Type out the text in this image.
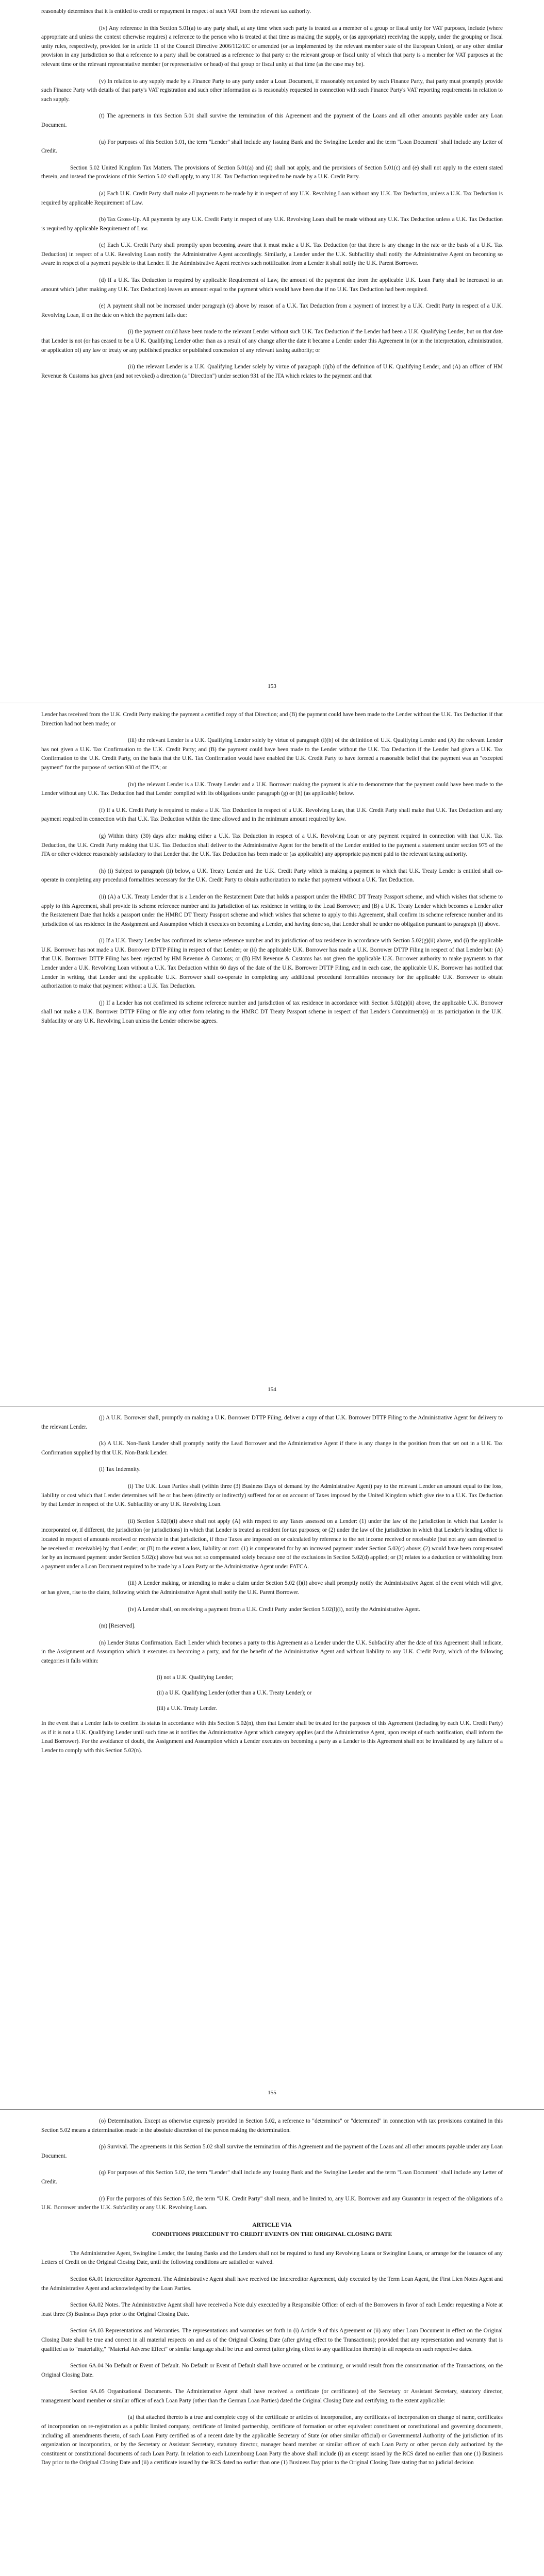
reasonably determines that it is entitled to credit or repayment in respect of such VAT from the relevant tax authority.
(iv) Any reference in this Section 5.01(a) to any party shall, at any time when such party is treated as a member of a group or fiscal unity for VAT purposes, include (where appropriate and unless the context otherwise requires) a reference to the person who is treated at that time as making the supply, or (as appropriate) receiving the supply, under the grouping or fiscal unity rules, respectively, provided for in article 11 of the Council Directive 2006/112/EC or amended (or as implemented by the relevant member state of the European Union), or any other similar provision in any jurisdiction so that a reference to a party shall be construed as a reference to that party or the relevant group or fiscal unity of which that party is a member for VAT purposes at the relevant time or the relevant representative member (or representative or head) of that group or fiscal unity at that time (as the case may be).
(v) In relation to any supply made by a Finance Party to any party under a Loan Document, if reasonably requested by such Finance Party, that party must promptly provide such Finance Party with details of that party's VAT registration and such other information as is reasonably requested in connection with such Finance Party's VAT reporting requirements in relation to such supply.
(t) The agreements in this Section 5.01 shall survive the termination of this Agreement and the payment of the Loans and all other amounts payable under any Loan Document.
(u) For purposes of this Section 5.01, the term "Lender" shall include any Issuing Bank and the Swingline Lender and the term "Loan Document" shall include any Letter of Credit.
Section 5.02 United Kingdom Tax Matters. The provisions of Section 5.01(a) and (d) shall not apply, and the provisions of Section 5.01(c) and (e) shall not apply to the extent stated therein, and instead the provisions of this Section 5.02 shall apply, to any U.K. Tax Deduction required to be made by a U.K. Credit Party.
(a) Each U.K. Credit Party shall make all payments to be made by it in respect of any U.K. Revolving Loan without any U.K. Tax Deduction, unless a U.K. Tax Deduction is required by applicable Requirement of Law.
(b) Tax Gross-Up. All payments by any U.K. Credit Party in respect of any U.K. Revolving Loan shall be made without any U.K. Tax Deduction unless a U.K. Tax Deduction is required by applicable Requirement of Law.
(c) Each U.K. Credit Party shall promptly upon becoming aware that it must make a U.K. Tax Deduction (or that there is any change in the rate or the basis of a U.K. Tax Deduction) in respect of a U.K. Revolving Loan notify the Administrative Agent accordingly. Similarly, a Lender under the U.K. Subfacility shall notify the Administrative Agent on becoming so aware in respect of a payment payable to that Lender. If the Administrative Agent receives such notification from a Lender it shall notify the U.K. Parent Borrower.
(d) If a U.K. Tax Deduction is required by applicable Requirement of Law, the amount of the payment due from the applicable U.K. Loan Party shall be increased to an amount which (after making any U.K. Tax Deduction) leaves an amount equal to the payment which would have been due if no U.K. Tax Deduction had been required.
(e) A payment shall not be increased under paragraph (c) above by reason of a U.K. Tax Deduction from a payment of interest by a U.K. Credit Party in respect of a U.K. Revolving Loan, if on the date on which the payment falls due:
(i) the payment could have been made to the relevant Lender without such U.K. Tax Deduction if the Lender had been a U.K. Qualifying Lender, but on that date that Lender is not (or has ceased to be a U.K. Qualifying Lender other than as a result of any change after the date it became a Lender under this Agreement in (or in the interpretation, administration, or application of) any law or treaty or any published practice or published concession of any relevant taxing authority; or
(ii) the relevant Lender is a U.K. Qualifying Lender solely by virtue of paragraph (i)(b) of the definition of U.K. Qualifying Lender, and (A) an officer of HM Revenue & Customs has given (and not revoked) a direction (a "Direction") under section 931 of the ITA which relates to the payment and that
153
Lender has received from the U.K. Credit Party making the payment a certified copy of that Direction; and (B) the payment could have been made to the Lender without the U.K. Tax Deduction if that Direction had not been made; or
(iii) the relevant Lender is a U.K. Qualifying Lender solely by virtue of paragraph (i)(b) of the definition of U.K. Qualifying Lender and (A) the relevant Lender has not given a U.K. Tax Confirmation to the U.K. Credit Party; and (B) the payment could have been made to the Lender without the U.K. Tax Deduction if the Lender had given a U.K. Tax Confirmation to the U.K. Credit Party, on the basis that the U.K. Tax Confirmation would have enabled the U.K. Credit Party to have formed a reasonable belief that the payment was an "excepted payment" for the purpose of section 930 of the ITA; or
(iv) the relevant Lender is a U.K. Treaty Lender and a U.K. Borrower making the payment is able to demonstrate that the payment could have been made to the Lender without any U.K. Tax Deduction had that Lender complied with its obligations under paragraph (g) or (h) (as applicable) below.
(f) If a U.K. Credit Party is required to make a U.K. Tax Deduction in respect of a U.K. Revolving Loan, that U.K. Credit Party shall make that U.K. Tax Deduction and any payment required in connection with that U.K. Tax Deduction within the time allowed and in the minimum amount required by law.
(g) Within thirty (30) days after making either a U.K. Tax Deduction in respect of a U.K. Revolving Loan or any payment required in connection with that U.K. Tax Deduction, the U.K. Credit Party making that U.K. Tax Deduction shall deliver to the Administrative Agent for the benefit of the Lender entitled to the payment a statement under section 975 of the ITA or other evidence reasonably satisfactory to that Lender that the U.K. Tax Deduction has been made or (as applicable) any appropriate payment paid to the relevant taxing authority.
(h) (i) Subject to paragraph (ii) below, a U.K. Treaty Lender and the U.K. Credit Party which is making a payment to which that U.K. Treaty Lender is entitled shall co-operate in completing any procedural formalities necessary for the U.K. Credit Party to obtain authorization to make that payment without a U.K. Tax Deduction.
(ii) (A) a U.K. Treaty Lender that is a Lender on the Restatement Date that holds a passport under the HMRC DT Treaty Passport scheme, and which wishes that scheme to apply to this Agreement, shall provide its scheme reference number and its jurisdiction of tax residence in writing to the Lead Borrower; and (B) a U.K. Treaty Lender which becomes a Lender after the Restatement Date that holds a passport under the HMRC DT Treaty Passport scheme and which wishes that scheme to apply to this Agreement, shall confirm its scheme reference number and its jurisdiction of tax residence in the Assignment and Assumption which it executes on becoming a Lender, and having done so, that Lender shall be under no obligation pursuant to paragraph (i) above.
(i) If a U.K. Treaty Lender has confirmed its scheme reference number and its jurisdiction of tax residence in accordance with Section 5.02(g)(ii) above, and (i) the applicable U.K. Borrower has not made a U.K. Borrower DTTP Filing in respect of that Lender; or (ii) the applicable U.K. Borrower has made a U.K. Borrower DTTP Filing in respect of that Lender but: (A) that U.K. Borrower DTTP Filing has been rejected by HM Revenue & Customs; or (B) HM Revenue & Customs has not given the applicable U.K. Borrower authority to make payments to that Lender under a U.K. Revolving Loan without a U.K. Tax Deduction within 60 days of the date of the U.K. Borrower DTTP Filing, and in each case, the applicable U.K. Borrower has notified that Lender in writing, that Lender and the applicable U.K. Borrower shall co-operate in completing any additional procedural formalities necessary for the applicable U.K. Borrower to obtain authorization to make that payment without a U.K. Tax Deduction.
(j) If a Lender has not confirmed its scheme reference number and jurisdiction of tax residence in accordance with Section 5.02(g)(ii) above, the applicable U.K. Borrower shall not make a U.K. Borrower DTTP Filing or file any other form relating to the HMRC DT Treaty Passport scheme in respect of that Lender's Commitment(s) or its participation in the U.K. Subfacility or any U.K. Revolving Loan unless the Lender otherwise agrees.
154
(j) A U.K. Borrower shall, promptly on making a U.K. Borrower DTTP Filing, deliver a copy of that U.K. Borrower DTTP Filing to the Administrative Agent for delivery to the relevant Lender.
(k) A U.K. Non-Bank Lender shall promptly notify the Lead Borrower and the Administrative Agent if there is any change in the position from that set out in a U.K. Tax Confirmation supplied by that U.K. Non-Bank Lender.
(l) Tax Indemnity.
(i) The U.K. Loan Parties shall (within three (3) Business Days of demand by the Administrative Agent) pay to the relevant Lender an amount equal to the loss, liability or cost which that Lender determines will be or has been (directly or indirectly) suffered for or on account of Taxes imposed by the United Kingdom which give rise to a U.K. Tax Deduction by that Lender in respect of the U.K. Subfacility or any U.K. Revolving Loan.
(ii) Section 5.02(l)(i) above shall not apply (A) with respect to any Taxes assessed on a Lender: (1) under the law of the jurisdiction in which that Lender is incorporated or, if different, the jurisdiction (or jurisdictions) in which that Lender is treated as resident for tax purposes; or (2) under the law of the jurisdiction in which that Lender's lending office is located in respect of amounts received or receivable in that jurisdiction, if those Taxes are imposed on or calculated by reference to the net income received or receivable (but not any sum deemed to be received or receivable) by that Lender; or (B) to the extent a loss, liability or cost: (1) is compensated for by an increased payment under Section 5.02(c) above; (2) would have been compensated for by an increased payment under Section 5.02(c) above but was not so compensated solely because one of the exclusions in Section 5.02(d) applied; or (3) relates to a deduction or withholding from a payment under a Loan Document required to be made by a Loan Party or the Administrative Agent under FATCA.
(iii) A Lender making, or intending to make a claim under Section 5.02 (l)(i) above shall promptly notify the Administrative Agent of the event which will give, or has given, rise to the claim, following which the Administrative Agent shall notify the U.K. Parent Borrower.
(iv) A Lender shall, on receiving a payment from a U.K. Credit Party under Section 5.02(l)(i), notify the Administrative Agent.
(m) [Reserved].
(n) Lender Status Confirmation. Each Lender which becomes a party to this Agreement as a Lender under the U.K. Subfacility after the date of this Agreement shall indicate, in the Assignment and Assumption which it executes on becoming a party, and for the benefit of the Administrative Agent and without liability to any U.K. Credit Party, which of the following categories it falls within:
(i) not a U.K. Qualifying Lender;
(ii) a U.K. Qualifying Lender (other than a U.K. Treaty Lender); or
(iii) a U.K. Treaty Lender.
In the event that a Lender fails to confirm its status in accordance with this Section 5.02(n), then that Lender shall be treated for the purposes of this Agreement (including by each U.K. Credit Party) as if it is not a U.K. Qualifying Lender until such time as it notifies the Administrative Agent which category applies (and the Administrative Agent, upon receipt of such notification, shall inform the Lead Borrower). For the avoidance of doubt, the Assignment and Assumption which a Lender executes on becoming a party as a Lender to this Agreement shall not be invalidated by any failure of a Lender to comply with this Section 5.02(n).
155
(o) Determination. Except as otherwise expressly provided in Section 5.02, a reference to "determines" or "determined" in connection with tax provisions contained in this Section 5.02 means a determination made in the absolute discretion of the person making the determination.
(p) Survival. The agreements in this Section 5.02 shall survive the termination of this Agreement and the payment of the Loans and all other amounts payable under any Loan Document.
(q) For purposes of this Section 5.02, the term "Lender" shall include any Issuing Bank and the Swingline Lender and the term "Loan Document" shall include any Letter of Credit.
(r) For the purposes of this Section 5.02, the term "U.K. Credit Party" shall mean, and be limited to, any U.K. Borrower and any Guarantor in respect of the obligations of a U.K. Borrower under the U.K. Subfacility or any U.K. Revolving Loan.
ARTICLE VIA
CONDITIONS PRECEDENT TO CREDIT EVENTS ON THE ORIGINAL CLOSING DATE
The Administrative Agent, Swingline Lender, the Issuing Banks and the Lenders shall not be required to fund any Revolving Loans or Swingline Loans, or arrange for the issuance of any Letters of Credit on the Original Closing Date, until the following conditions are satisfied or waived.
Section 6A.01 Intercreditor Agreement. The Administrative Agent shall have received the Intercreditor Agreement, duly executed by the Term Loan Agent, the First Lien Notes Agent and the Administrative Agent and acknowledged by the Loan Parties.
Section 6A.02 Notes. The Administrative Agent shall have received a Note duly executed by a Responsible Officer of each of the Borrowers in favor of each Lender requesting a Note at least three (3) Business Days prior to the Original Closing Date.
Section 6A.03 Representations and Warranties. The representations and warranties set forth in (i) Article 9 of this Agreement or (ii) any other Loan Document in effect on the Original Closing Date shall be true and correct in all material respects on and as of the Original Closing Date (after giving effect to the Transactions); provided that any representation and warranty that is qualified as to "materiality," "Material Adverse Effect" or similar language shall be true and correct (after giving effect to any qualification therein) in all respects on such respective dates.
Section 6A.04 No Default or Event of Default. No Default or Event of Default shall have occurred or be continuing, or would result from the consummation of the Transactions, on the Original Closing Date.
Section 6A.05 Organizational Documents. The Administrative Agent shall have received a certificate (or certificates) of the Secretary or Assistant Secretary, statutory director, management board member or similar officer of each Loan Party (other than the German Loan Parties) dated the Original Closing Date and certifying, to the extent applicable:
(a) that attached thereto is a true and complete copy of the certificate or articles of incorporation, any certificates of incorporation on change of name, certificates of incorporation on re-registration as a public limited company, certificate of limited partnership, certificate of formation or other equivalent constituent or constitutional and governing documents, including all amendments thereto, of such Loan Party certified as of a recent date by the applicable Secretary of State (or other similar official) or Governmental Authority of the jurisdiction of its organization or incorporation, or by the Secretary or Assistant Secretary, statutory director, manager board member or similar officer of such Loan Party or other person duly authorized by the constituent or constitutional documents of such Loan Party. In relation to each Luxembourg Loan Party the above shall include (i) an excerpt issued by the RCS dated no earlier than one (1) Business Day prior to the Original Closing Date and (ii) a certificate issued by the RCS dated no earlier than one (1) Business Day prior to the Original Closing Date stating that no judicial decision
